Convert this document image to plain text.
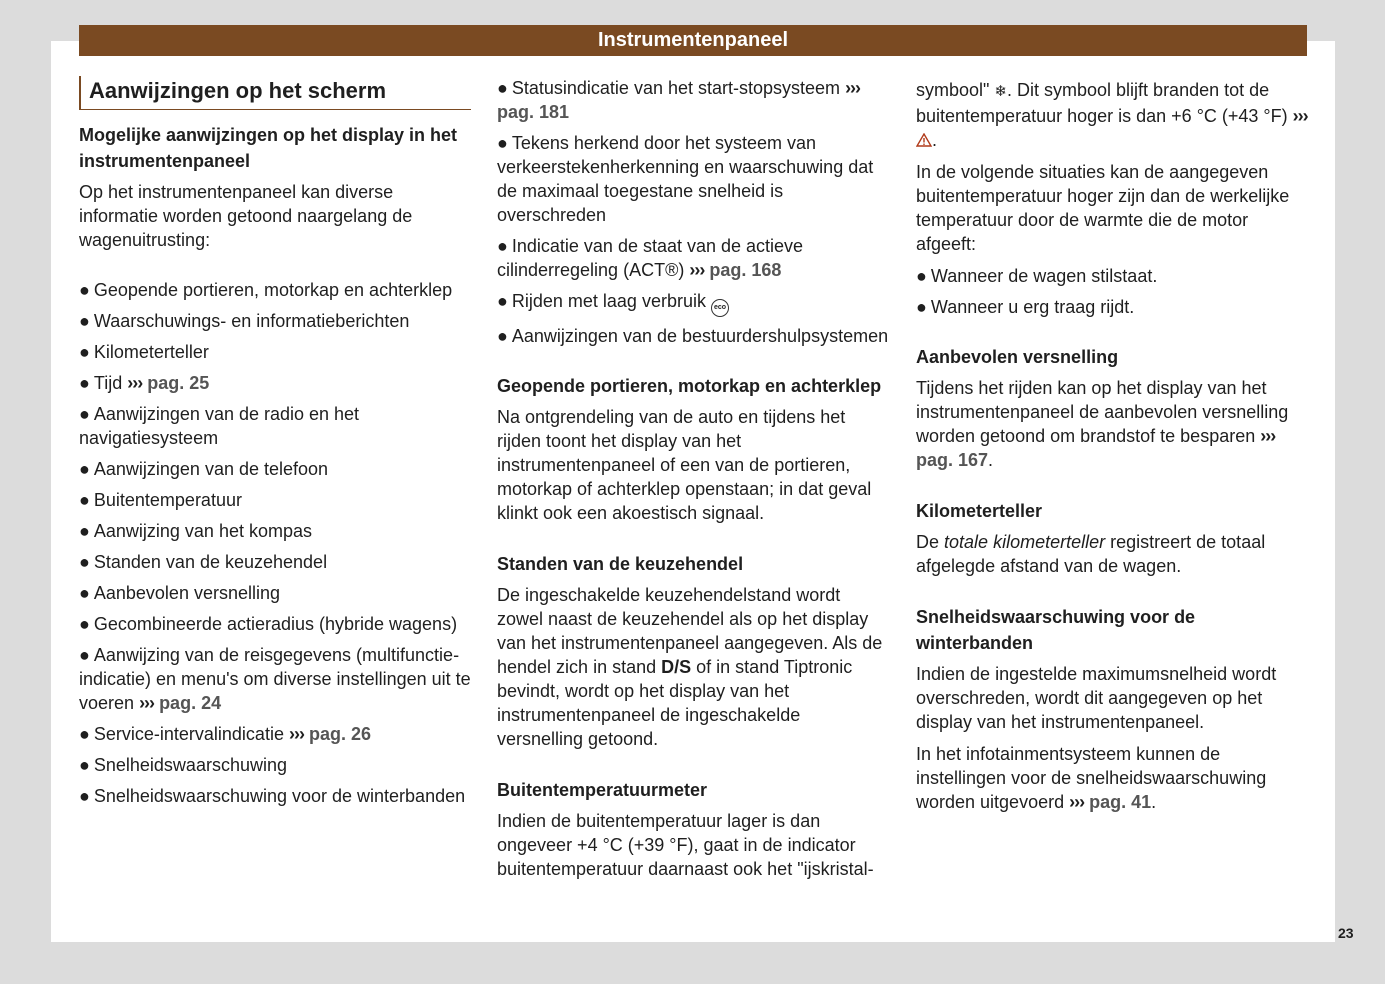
Instrumentenpaneel
Aanwijzingen op het scherm
Mogelijke aanwijzingen op het display in het instrumentenpaneel

Op het instrumentenpaneel kan diverse informatie worden getoond naargelang de wagenuitrusting:

● Geopende portieren, motorkap en achterklep
● Waarschuwings- en informatieberichten
● Kilometerteller
● Tijd ››› pag. 25
● Aanwijzingen van de radio en het navigatiesysteem
● Aanwijzingen van de telefoon
● Buitentemperatuur
● Aanwijzing van het kompas
● Standen van de keuzehendel
● Aanbevolen versnelling
● Gecombineerde actieradius (hybride wagens)
● Aanwijzing van de reisgegevens (multifunctie-indicatie) en menu's om diverse instellingen uit te voeren ››› pag. 24
● Service-intervalindicatie ››› pag. 26
● Snelheidswaarschuwing
● Snelheidswaarschuwing voor de winterbanden
● Statusindicatie van het start-stopsysteem ››› pag. 181
● Tekens herkend door het systeem van verkeerstekenherkenning en waarschuwing dat de maximaal toegestane snelheid is overschreden
● Indicatie van de staat van de actieve cilinderregeling (ACT®) ››› pag. 168
● Rijden met laag verbruik eco
● Aanwijzingen van de bestuurdershulpsystemen
Geopende portieren, motorkap en achterklep

Na ontgrendeling van de auto en tijdens het rijden toont het display van het instrumentenpaneel of een van de portieren, motorkap of achterklep openstaan; in dat geval klinkt ook een akoestisch signaal.

Standen van de keuzehendel

De ingeschakelde keuzehendelstand wordt zowel naast de keuzehendel als op het display van het instrumentenpaneel aangegeven. Als de hendel zich in stand D/S of in stand Tiptronic bevindt, wordt op het display van het instrumentenpaneel de ingeschakelde versnelling getoond.

Buitentemperatuurmeter

Indien de buitentemperatuur lager is dan ongeveer +4 °C (+39 °F), gaat in de indicator buitentemperatuur daarnaast ook het "ijskristal-

symbool" ❄. Dit symbool blijft branden tot de buitentemperatuur hoger is dan +6 °C (+43 °F) ››› .

In de volgende situaties kan de aangegeven buitentemperatuur hoger zijn dan de werkelijke temperatuur door de warmte die de motor afgeeft:

● Wanneer de wagen stilstaat.
● Wanneer u erg traag rijdt.
Aanbevolen versnelling

Tijdens het rijden kan op het display van het instrumentenpaneel de aanbevolen versnelling worden getoond om brandstof te besparen ››› pag. 167.

Kilometerteller

De totale kilometerteller registreert de totaal afgelegde afstand van de wagen.

Snelheidswaarschuwing voor de winterbanden

Indien de ingestelde maximumsnelheid wordt overschreden, wordt dit aangegeven op het display van het instrumentenpaneel.

In het infotainmentsysteem kunnen de instellingen voor de snelheidswaarschuwing worden uitgevoerd ››› pag. 41.

23
